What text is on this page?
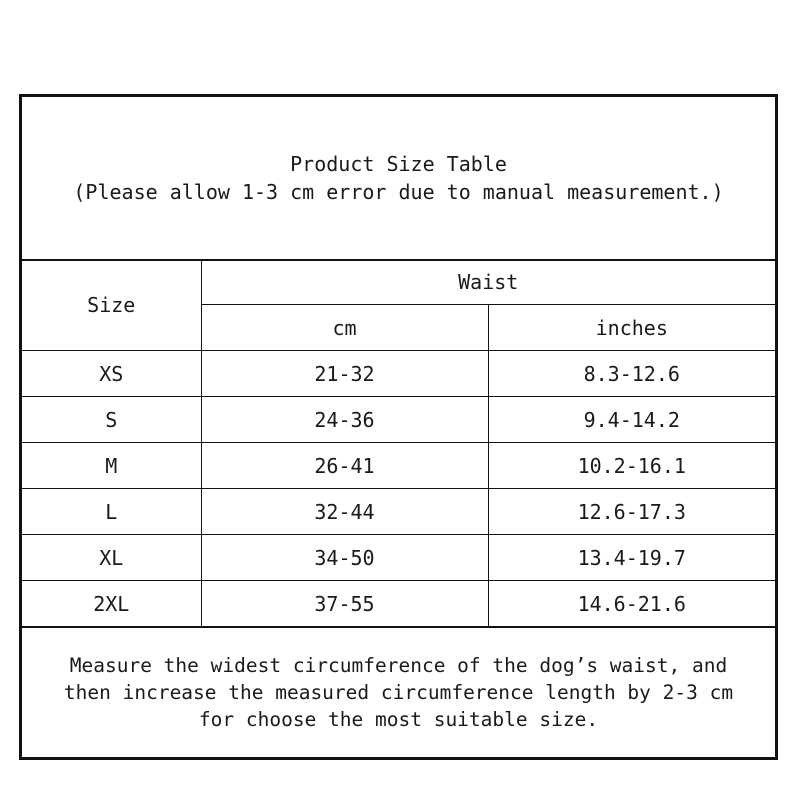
Product Size Table
(Please allow 1-3 cm error due to manual measurement.)
Size	Waist	
	cm	inches
XS	21-32	8.3-12.6
S	24-36	9.4-14.2
M	26-41	10.2-16.1
L	32-44	12.6-17.3
XL	34-50	13.4-19.7
2XL	37-55	14.6-21.6
Measure the widest circumference of the dog’s waist, and
then increase the measured circumference length by 2-3 cm
for choose the most suitable size.
